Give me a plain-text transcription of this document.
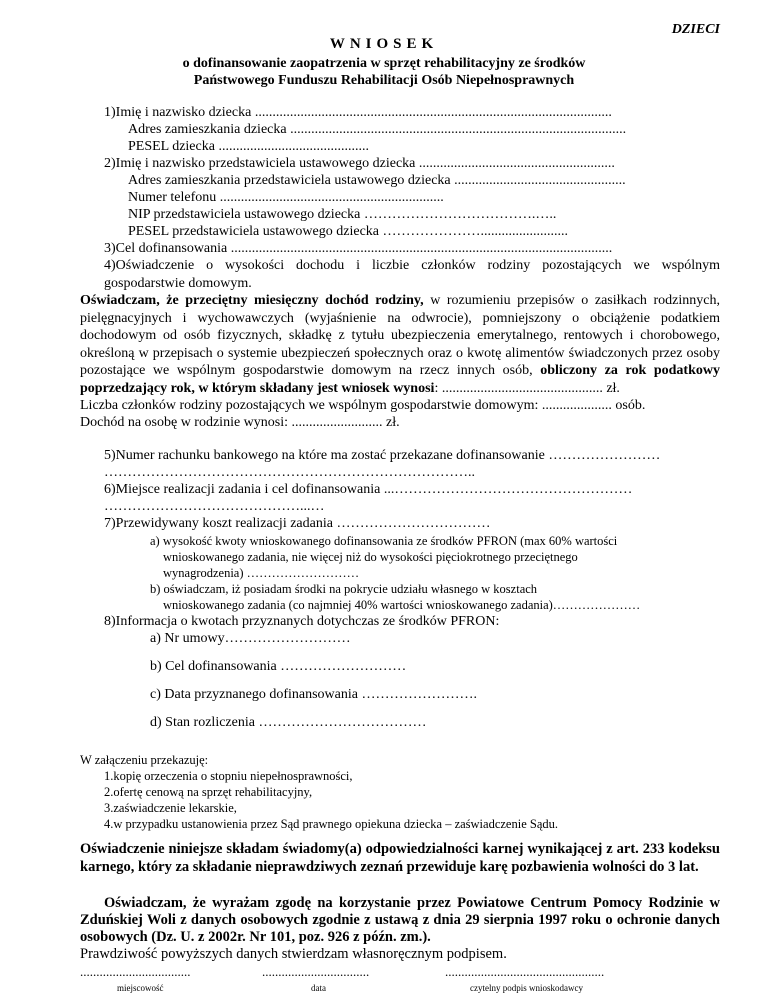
DZIECI
WNIOSEK
o dofinansowanie zaopatrzenia w sprzęt rehabilitacyjny ze środków
Państwowego Funduszu Rehabilitacji Osób Niepełnosprawnych
1)Imię i nazwisko dziecka ......................................................................................................
Adres zamieszkania dziecka ................................................................................................
PESEL dziecka ...........................................
2)Imię i nazwisko przedstawiciela ustawowego dziecka ........................................................
Adres zamieszkania przedstawiciela ustawowego dziecka .................................................
Numer telefonu ................................................................
NIP przedstawiciela ustawowego dziecka ……………………………….…..
PESEL przedstawiciela ustawowego dziecka ………………….........................
3)Cel dofinansowania .............................................................................................................
4)Oświadczenie o wysokości dochodu i liczbie członków rodziny pozostających we wspólnym gospodarstwie domowym.
Oświadczam, że przeciętny miesięczny dochód rodziny, w rozumieniu przepisów o zasiłkach rodzinnych, pielęgnacyjnych i wychowawczych (wyjaśnienie na odwrocie), pomniejszony o obciążenie podatkiem dochodowym od osób fizycznych, składkę z tytułu ubezpieczenia emerytalnego, rentowych i chorobowego, określoną w przepisach o systemie ubezpieczeń społecznych oraz o kwotę alimentów świadczonych przez osoby pozostające we wspólnym gospodarstwie domowym na rzecz innych osób, obliczony za rok podatkowy poprzedzający rok, w którym składany jest wniosek wynosi: .............................................. zł.
Liczba członków rodziny pozostających we wspólnym gospodarstwie domowym: .................... osób.
Dochód na osobę w rodzinie wynosi: .......................... zł.
5)Numer rachunku bankowego na które ma zostać przekazane dofinansowanie ……………………
……………………………………………………………………..
6)Miejsce realizacji zadania i cel dofinansowania ...……………………………………………
……………………………………...…
7)Przewidywany koszt realizacji zadania ……………………………
a) wysokość kwoty wnioskowanego dofinansowania ze środków PFRON (max 60% wartości
wnioskowanego zadania, nie więcej niż do wysokości pięciokrotnego przeciętnego
wynagrodzenia) ………………………
b) oświadczam, iż posiadam środki na pokrycie udziału własnego w kosztach
wnioskowanego zadania (co najmniej 40% wartości wnioskowanego zadania)…………………
8)Informacja o kwotach przyznanych dotychczas ze środków PFRON:
a) Nr umowy………………………
b) Cel dofinansowania ………………………
c) Data przyznanego dofinansowania …………………….
d) Stan rozliczenia ………………………………
W załączeniu przekazuję:
1.kopię orzeczenia o stopniu niepełnosprawności,
2.ofertę cenową na sprzęt rehabilitacyjny,
3.zaświadczenie lekarskie,
4.w przypadku ustanowienia przez Sąd prawnego opiekuna dziecka – zaświadczenie Sądu.
Oświadczenie niniejsze składam świadomy(a) odpowiedzialności karnej wynikającej z art. 233 kodeksu karnego, który za składanie nieprawdziwych zeznań przewiduje karę pozbawienia wolności do 3 lat.
Oświadczam, że wyrażam zgodę na korzystanie przez Powiatowe Centrum Pomocy Rodzinie w Zduńskiej Woli z danych osobowych zgodnie z ustawą z dnia 29 sierpnia 1997 roku o ochronie danych osobowych (Dz. U. z 2002r. Nr 101, poz. 926 z późn. zm.).
Prawdziwość powyższych danych stwierdzam własnoręcznym podpisem.
..................................	.................................	.................................................
miejscowość	data	czytelny podpis wnioskodawcy
